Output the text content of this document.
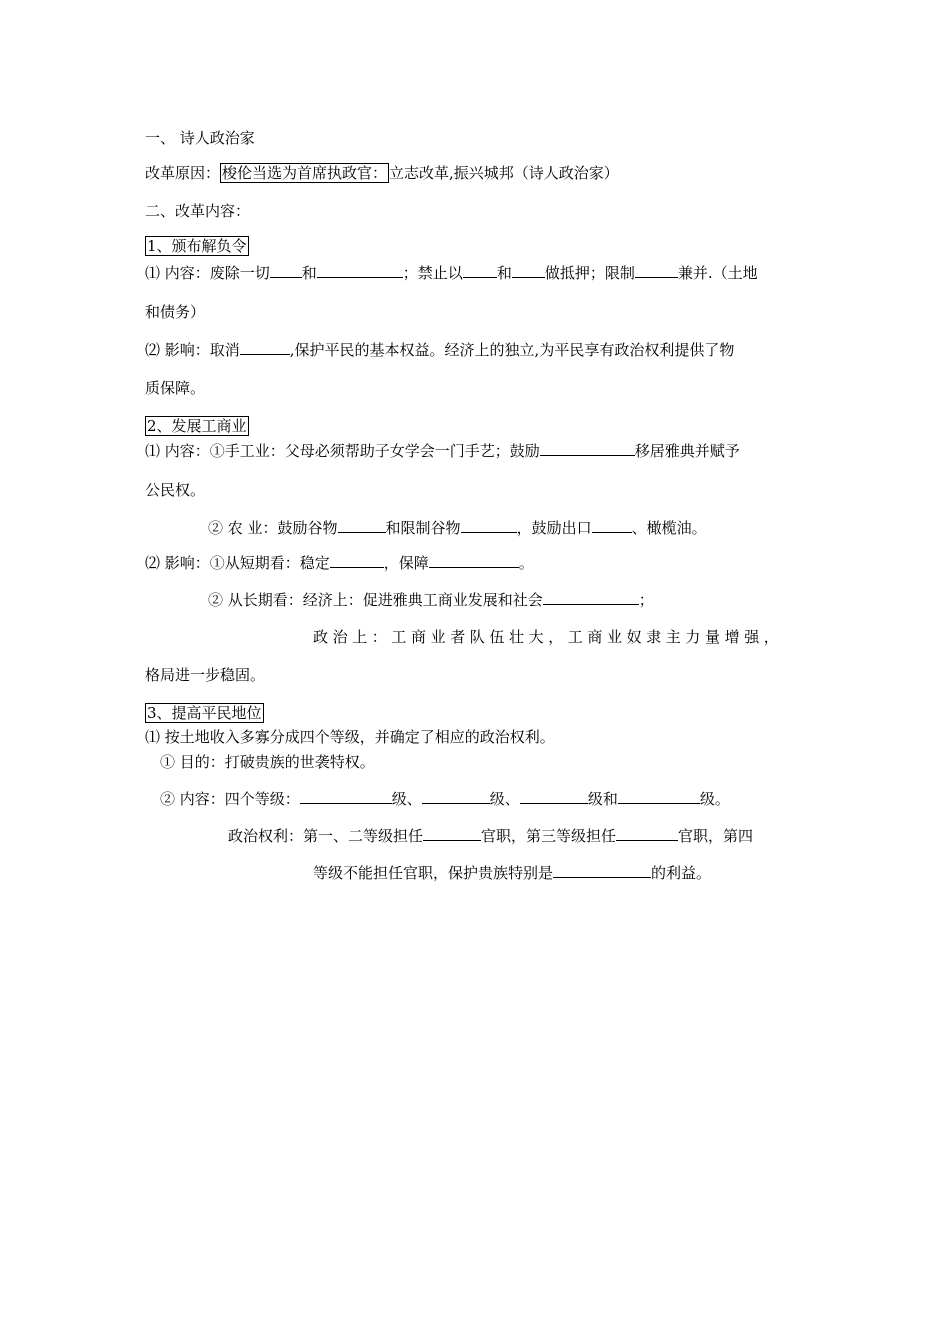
一、 诗人政治家
改革原因： 梭伦当选为首席执政官： 立志改革,振兴城邦（诗人政治家）
二、改革内容：
1、颁布解负令
⑴ 内容：废除一切 和	；禁止以 和 做抵押；限制	兼并.（土地
和债务）
⑵ 影响：取消	,保护平民的基本权益。经济上的独立,为平民享有政治权利提供了物
质保障。
2、发展工商业
⑴ 内容：①手工业：父母必须帮助子女学会一门手艺；鼓励	移居雅典并赋予
公民权。
② 农 业：鼓励谷物	和限制谷物	，鼓励出口	、橄榄油。
⑵ 影响：①从短期看：稳定	，保障	。
② 从长期看：经济上：促进雅典工商业发展和社会	；
政治上：工商业者队伍壮大，工商业奴隶主力量增强，
格局进一步稳固。
3、提高平民地位
⑴ 按土地收入多寡分成四个等级，并确定了相应的政治权利。
① 目的：打破贵族的世袭特权。
② 内容：四个等级：	级、	级、	级和	级。
政治权利：第一、二等级担任	官职，第三等级担任	官职，第四
等级不能担任官职，保护贵族特别是	的利益。
